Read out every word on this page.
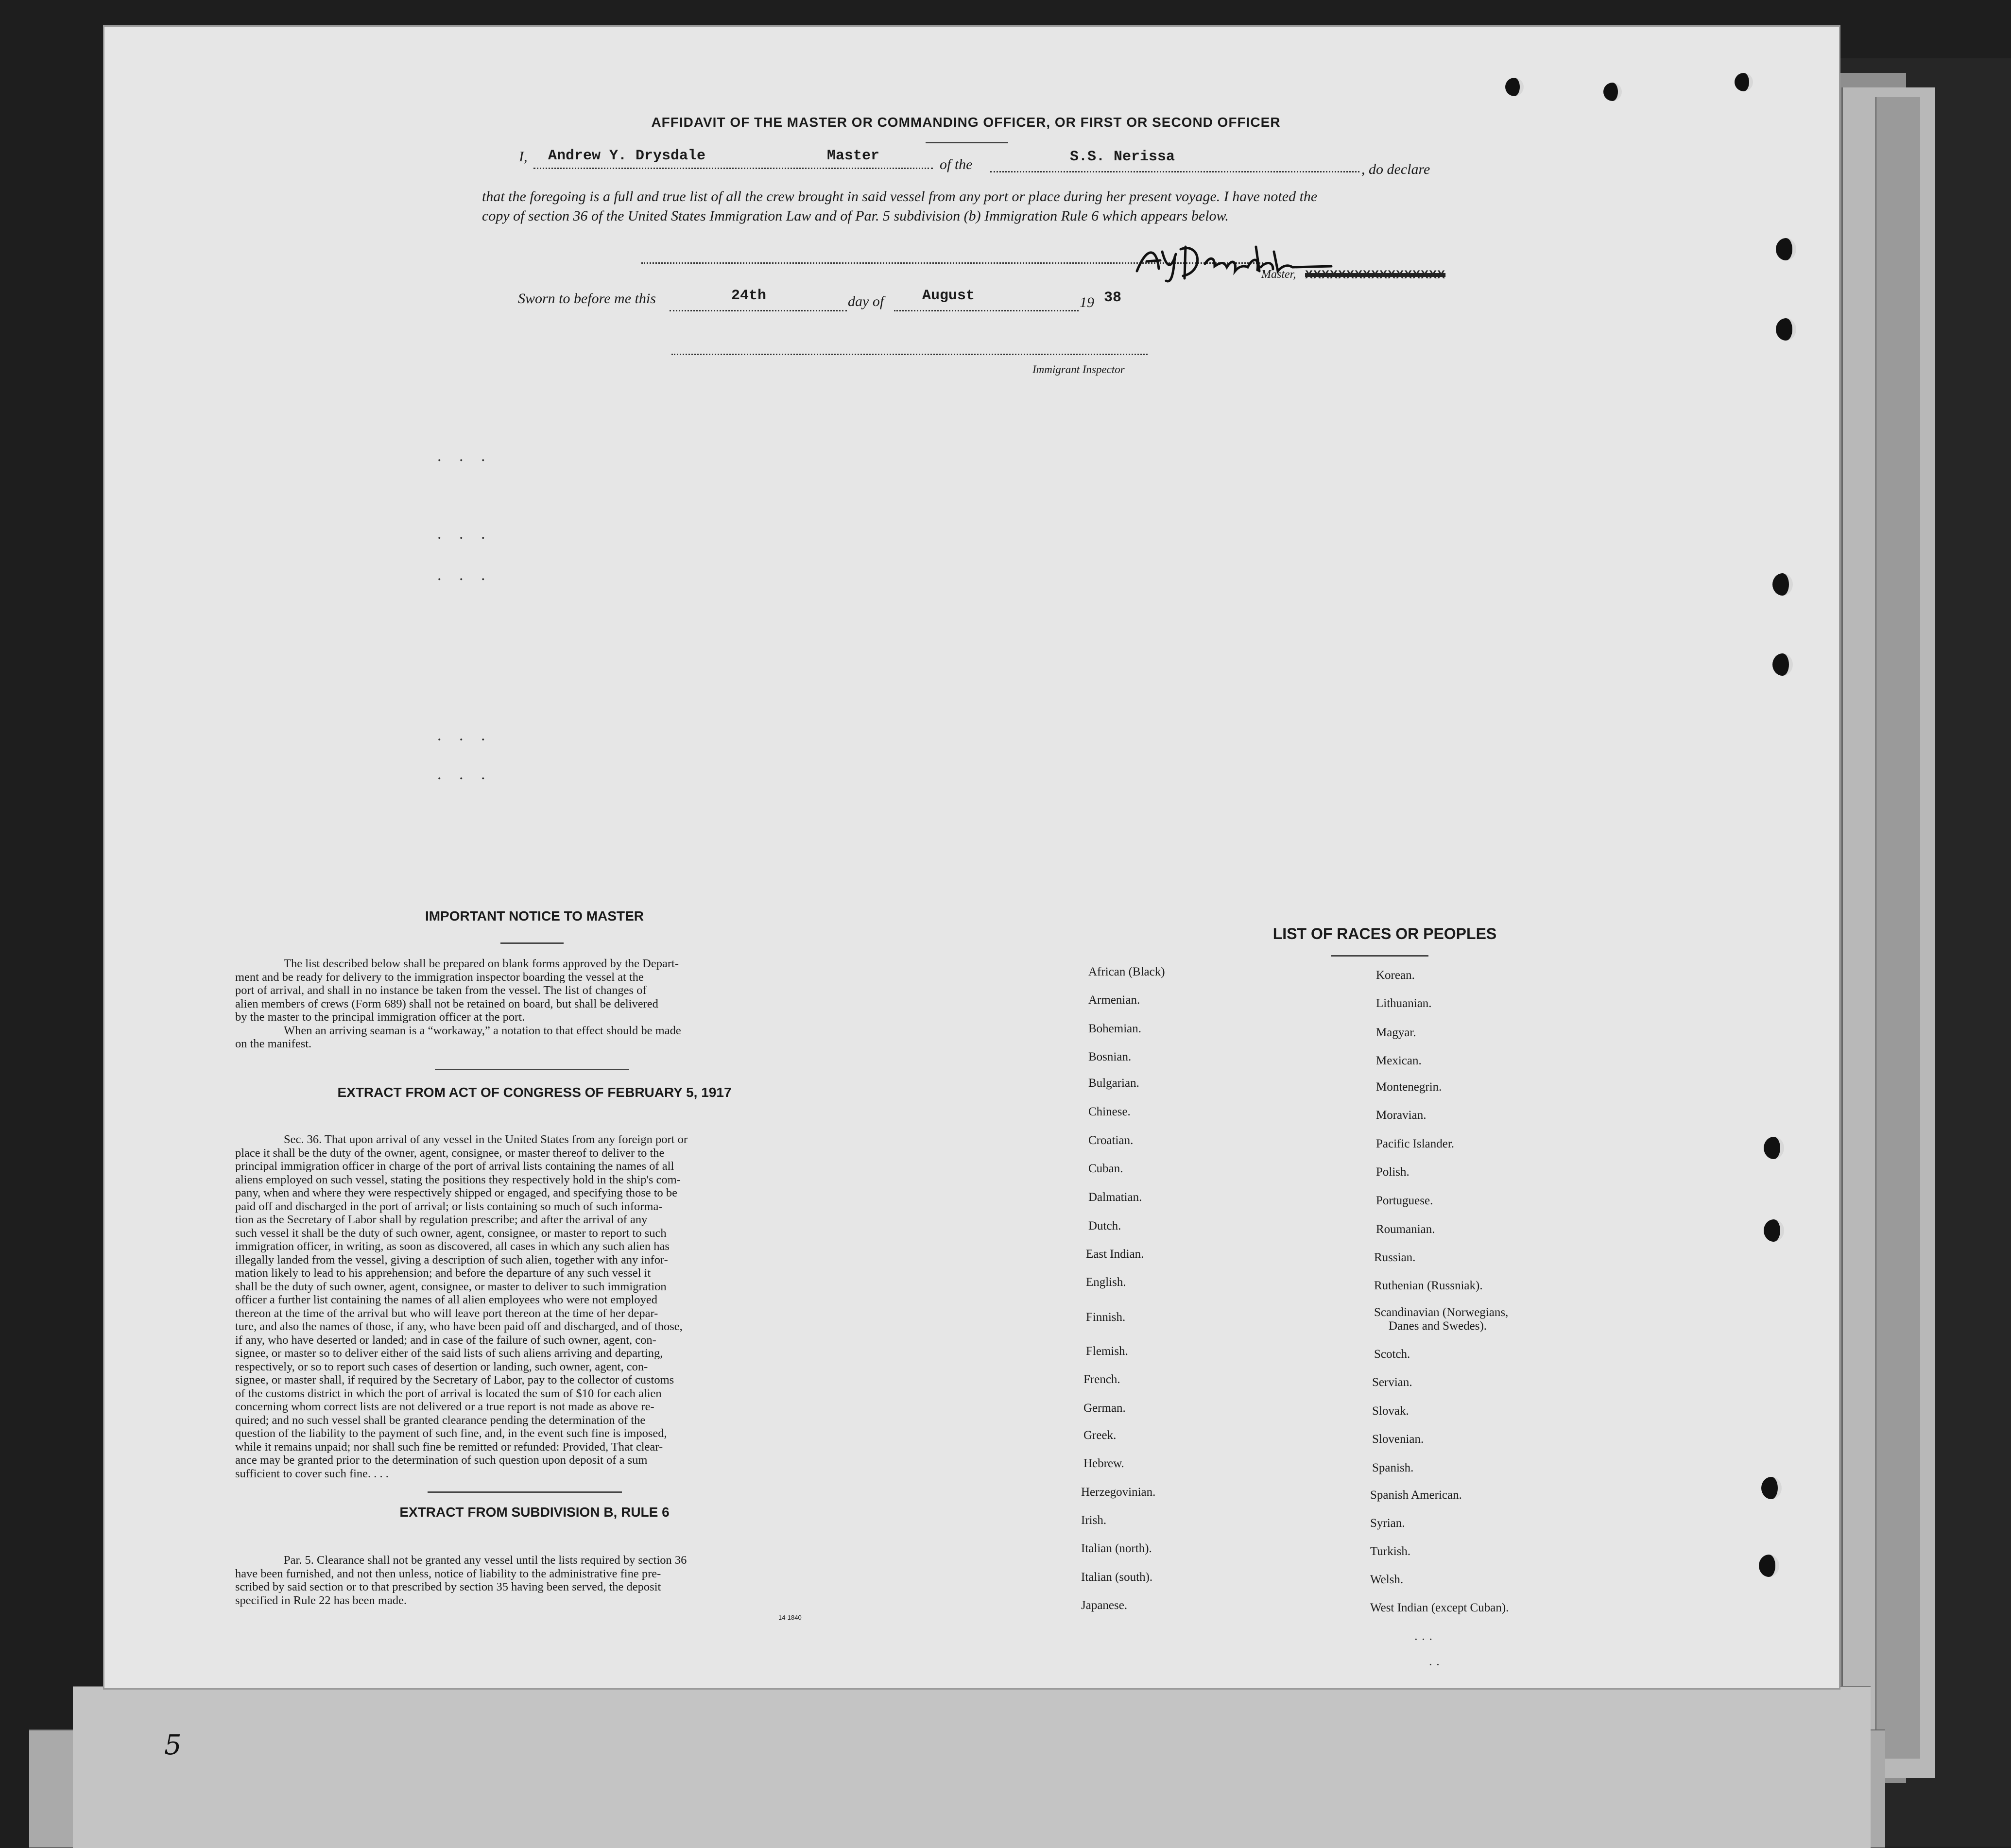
AFFIDAVIT OF THE MASTER OR COMMANDING OFFICER, OR FIRST OR SECOND OFFICER
I, Andrew Y. Drysdale	Master
of the	S.S. Nerissa
, do declare
that the foregoing is a full and true list of all the crew brought in said vessel from any port or place during her present voyage. I have noted the
copy of section 36 of the United States Immigration Law and of Par. 5 subdivision (b) Immigration Rule 6 which appears below.
Master, XXXXXXXXXXXXXXXXX
Sworn to before me this	24th	day of	August	19 38
Immigrant Inspector
. . .
. . .
. . .
. . .
. . .
IMPORTANT NOTICE TO MASTER
The list described below shall be prepared on blank forms approved by the Depart-
ment and be ready for delivery to the immigration inspector boarding the vessel at the
port of arrival, and shall in no instance be taken from the vessel. The list of changes of
alien members of crews (Form 689) shall not be retained on board, but shall be delivered
by the master to the principal immigration officer at the port.
When an arriving seaman is a “workaway,” a notation to that effect should be made
on the manifest.
EXTRACT FROM ACT OF CONGRESS OF FEBRUARY 5, 1917
Sec. 36. That upon arrival of any vessel in the United States from any foreign port or
place it shall be the duty of the owner, agent, consignee, or master thereof to deliver to the
principal immigration officer in charge of the port of arrival lists containing the names of all
aliens employed on such vessel, stating the positions they respectively hold in the ship's com-
pany, when and where they were respectively shipped or engaged, and specifying those to be
paid off and discharged in the port of arrival; or lists containing so much of such informa-
tion as the Secretary of Labor shall by regulation prescribe; and after the arrival of any
such vessel it shall be the duty of such owner, agent, consignee, or master to report to such
immigration officer, in writing, as soon as discovered, all cases in which any such alien has
illegally landed from the vessel, giving a description of such alien, together with any infor-
mation likely to lead to his apprehension; and before the departure of any such vessel it
shall be the duty of such owner, agent, consignee, or master to deliver to such immigration
officer a further list containing the names of all alien employees who were not employed
thereon at the time of the arrival but who will leave port thereon at the time of her depar-
ture, and also the names of those, if any, who have been paid off and discharged, and of those,
if any, who have deserted or landed; and in case of the failure of such owner, agent, con-
signee, or master so to deliver either of the said lists of such aliens arriving and departing,
respectively, or so to report such cases of desertion or landing, such owner, agent, con-
signee, or master shall, if required by the Secretary of Labor, pay to the collector of customs
of the customs district in which the port of arrival is located the sum of $10 for each alien
concerning whom correct lists are not delivered or a true report is not made as above re-
quired; and no such vessel shall be granted clearance pending the determination of the
question of the liability to the payment of such fine, and, in the event such fine is imposed,
while it remains unpaid; nor shall such fine be remitted or refunded: Provided, That clear-
ance may be granted prior to the determination of such question upon deposit of a sum
sufficient to cover such fine. . . .
EXTRACT FROM SUBDIVISION B, RULE 6
Par. 5. Clearance shall not be granted any vessel until the lists required by section 36
have been furnished, and not then unless, notice of liability to the administrative fine pre-
scribed by said section or to that prescribed by section 35 having been served, the deposit
specified in Rule 22 has been made.
14-1840
LIST OF RACES OR PEOPLES
African (Black)
Armenian.
Bohemian.
Bosnian.
Bulgarian.
Chinese.
Croatian.
Cuban.
Dalmatian.
Dutch.
East Indian.
English.
Finnish.
Flemish.
French.
German.
Greek.
Hebrew.
Herzegovinian.
Irish.
Italian (north).
Italian (south).
Japanese.
Korean.
Lithuanian.
Magyar.
Mexican.
Montenegrin.
Moravian.
Pacific Islander.
Polish.
Portuguese.
Roumanian.
Russian.
Ruthenian (Russniak).
Scandinavian (Norwegians,
Danes and Swedes).
Scotch.
Servian.
Slovak.
Slovenian.
Spanish.
Spanish American.
Syrian.
Turkish.
Welsh.
West Indian (except Cuban).
· · ·
· ·
5
